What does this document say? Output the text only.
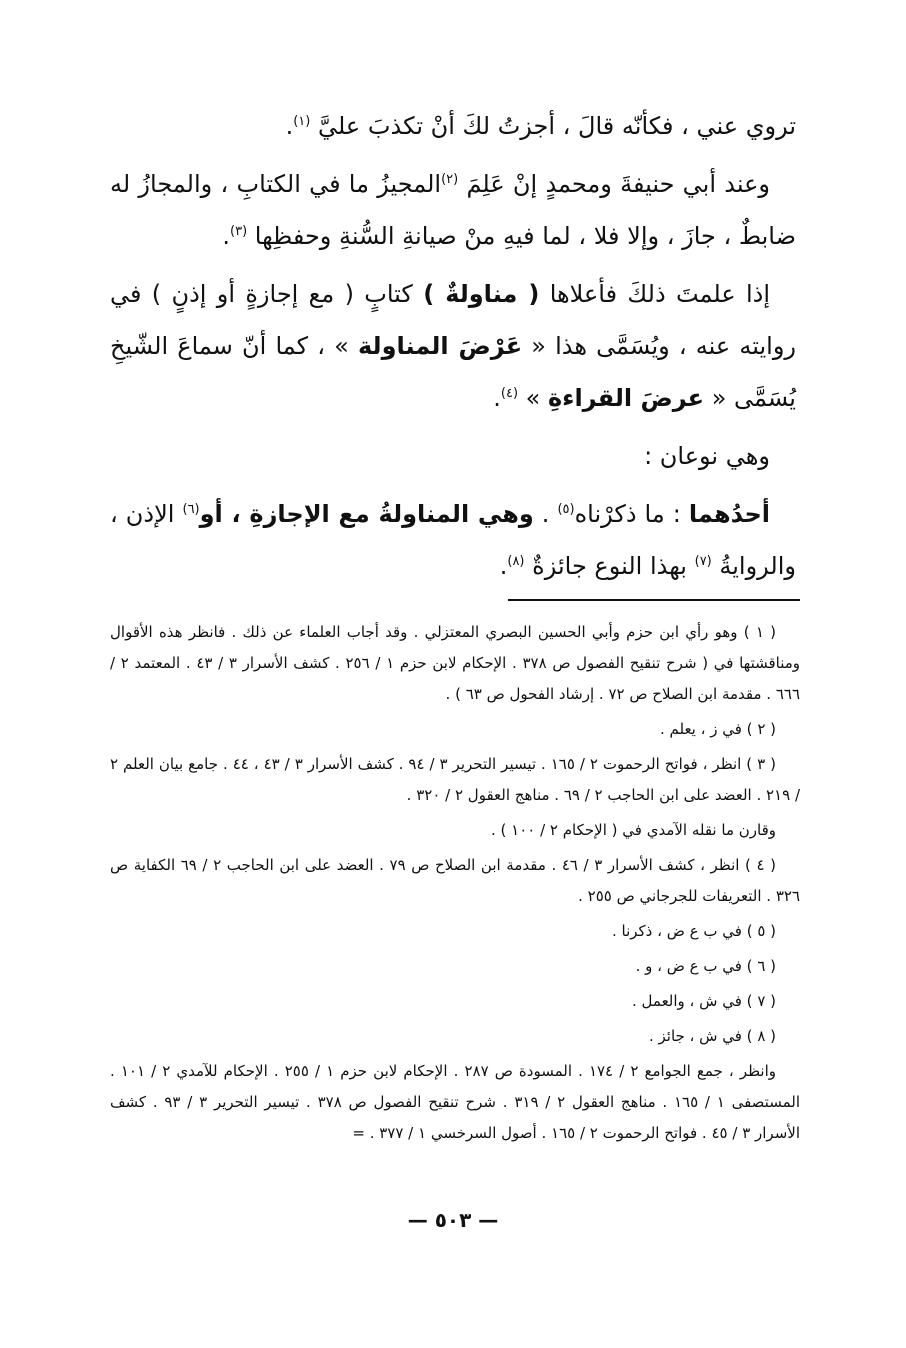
تروي عني ، فكأنّه قالَ ، أجزتُ لكَ أنْ تكذبَ عليَّ $^{(١)}$.

وعند أبي حنيفةَ ومحمدٍ إنْ عَلِمَ $^{(٢)}$المجيزُ ما في الكتابِ ، والمجازُ له ضابطٌ ، جازَ ، وإلا فلا ، لما فيهِ منْ صيانةِ السُّنةِ وحفظِها $^{(٣)}$.

إذا علمتَ ذلكَ فأعلاها ( مناولةٌ ) كتابٍ ( مع إجازةٍ أو إذنٍ ) في روايته عنه ، ويُسَمَّى هذا « عَرْضَ المناولة » ، كما أنّ سماعَ الشّيخِ يُسَمَّى « عرضَ القراءةِ » $^{(٤)}$.

وهي نوعان :

أحدُهما : ما ذكرْناه$^{(٥)}$ . وهي المناولةُ مع الإجازةِ ، أو$^{(٦)}$ الإذن ، والروايةُ $^{(٧)}$ بهذا النوع جائزةٌ $^{(٨)}$.

( ١ ) وهو رأي ابن حزم وأبي الحسين البصري المعتزلي . وقد أجاب العلماء عن ذلك . فانظر هذه الأقوال ومناقشتها في ( شرح تنقيح الفصول ص ٣٧٨ . الإحكام لابن حزم ١ / ٢٥٦ . كشف الأسرار ٣ / ٤٣ . المعتمد ٢ / ٦٦٦ . مقدمة ابن الصلاح ص ٧٢ . إرشاد الفحول ص ٦٣ ) .

( ٢ ) في ز ، يعلم .

( ٣ ) انظر ، فواتح الرحموت ٢ / ١٦٥ . تيسير التحرير ٣ / ٩٤ . كشف الأسرار ٣ / ٤٣ ، ٤٤ . جامع بيان العلم ٢ / ٢١٩ . العضد على ابن الحاجب ٢ / ٦٩ . مناهج العقول ٢ / ٣٢٠ .

وقارن ما نقله الآمدي في ( الإحكام ٢ / ١٠٠ ) .

( ٤ ) انظر ، كشف الأسرار ٣ / ٤٦ . مقدمة ابن الصلاح ص ٧٩ . العضد على ابن الحاجب ٢ / ٦٩ الكفاية ص ٣٢٦ . التعريفات للجرجاني ص ٢٥٥ .

( ٥ ) في ب ع ض ، ذكرنا .

( ٦ ) في ب ع ض ، و .

( ٧ ) في ش ، والعمل .

( ٨ ) في ش ، جائز .

وانظر ، جمع الجوامع ٢ / ١٧٤ . المسودة ص ٢٨٧ . الإحكام لابن حزم ١ / ٢٥٥ . الإحكام للآمدي ٢ / ١٠١ . المستصفى ١ / ١٦٥ . مناهج العقول ٢ / ٣١٩ . شرح تنقيح الفصول ص ٣٧٨ . تيسير التحرير ٣ / ٩٣ . كشف الأسرار ٣ / ٤٥ . فواتح الرحموت ٢ / ١٦٥ . أصول السرخسي ١ / ٣٧٧ . =

— ٥٠٣ —
